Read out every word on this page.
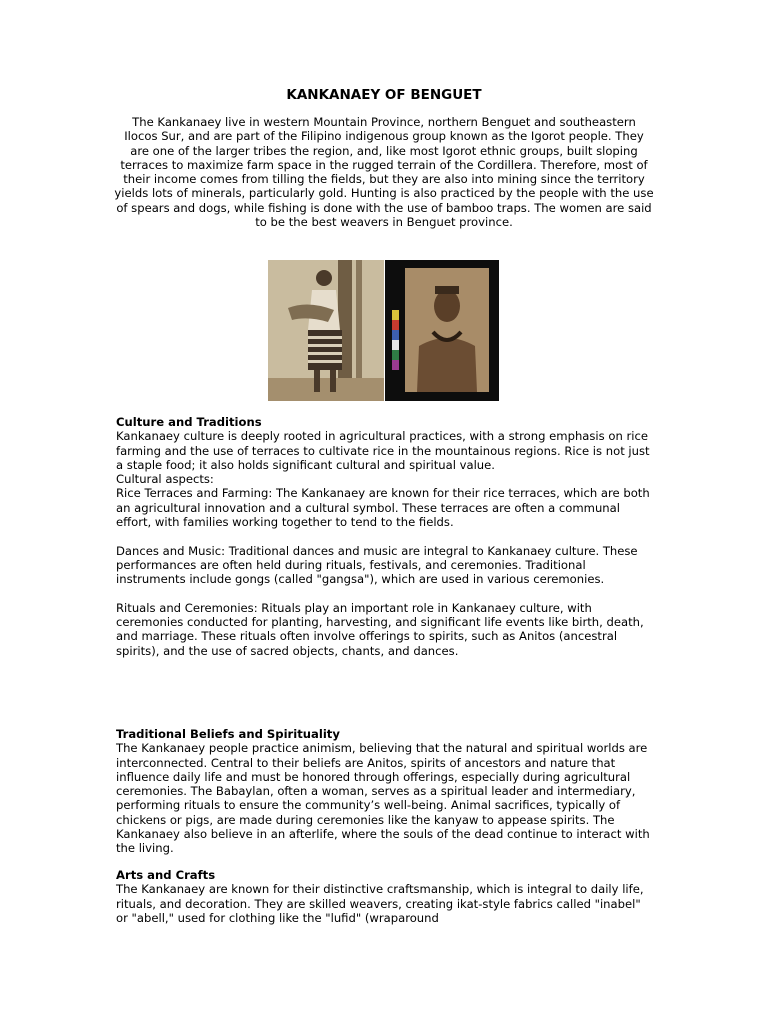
KANKANAEY OF BENGUET
The Kankanaey live in western Mountain Province, northern Benguet and southeastern Ilocos Sur, and are part of the Filipino indigenous group known as the Igorot people. They are one of the larger tribes the region, and, like most Igorot ethnic groups, built sloping terraces to maximize farm space in the rugged terrain of the Cordillera. Therefore, most of their income comes from tilling the fields, but they are also into mining since the territory yields lots of minerals, particularly gold. Hunting is also practiced by the people with the use of spears and dogs, while fishing is done with the use of bamboo traps. The women are said to be the best weavers in Benguet province.
Culture and Traditions

Kankanaey culture is deeply rooted in agricultural practices, with a strong emphasis on rice farming and the use of terraces to cultivate rice in the mountainous regions. Rice is not just a staple food; it also holds significant cultural and spiritual value.

Cultural aspects:

Rice Terraces and Farming: The Kankanaey are known for their rice terraces, which are both an agricultural innovation and a cultural symbol. These terraces are often a communal effort, with families working together to tend to the fields.

Dances and Music: Traditional dances and music are integral to Kankanaey culture. These performances are often held during rituals, festivals, and ceremonies. Traditional instruments include gongs (called "gangsa"), which are used in various ceremonies.

Rituals and Ceremonies: Rituals play an important role in Kankanaey culture, with ceremonies conducted for planting, harvesting, and significant life events like birth, death, and marriage. These rituals often involve offerings to spirits, such as Anitos (ancestral spirits), and the use of sacred objects, chants, and dances.

Traditional Beliefs and Spirituality

The Kankanaey people practice animism, believing that the natural and spiritual worlds are interconnected. Central to their beliefs are Anitos, spirits of ancestors and nature that influence daily life and must be honored through offerings, especially during agricultural ceremonies. The Babaylan, often a woman, serves as a spiritual leader and intermediary, performing rituals to ensure the community’s well-being. Animal sacrifices, typically of chickens or pigs, are made during ceremonies like the kanyaw to appease spirits. The Kankanaey also believe in an afterlife, where the souls of the dead continue to interact with the living.

Arts and Crafts

The Kankanaey are known for their distinctive craftsmanship, which is integral to daily life, rituals, and decoration. They are skilled weavers, creating ikat-style fabrics called "inabel" or "abell," used for clothing like the "lufid" (wraparound
